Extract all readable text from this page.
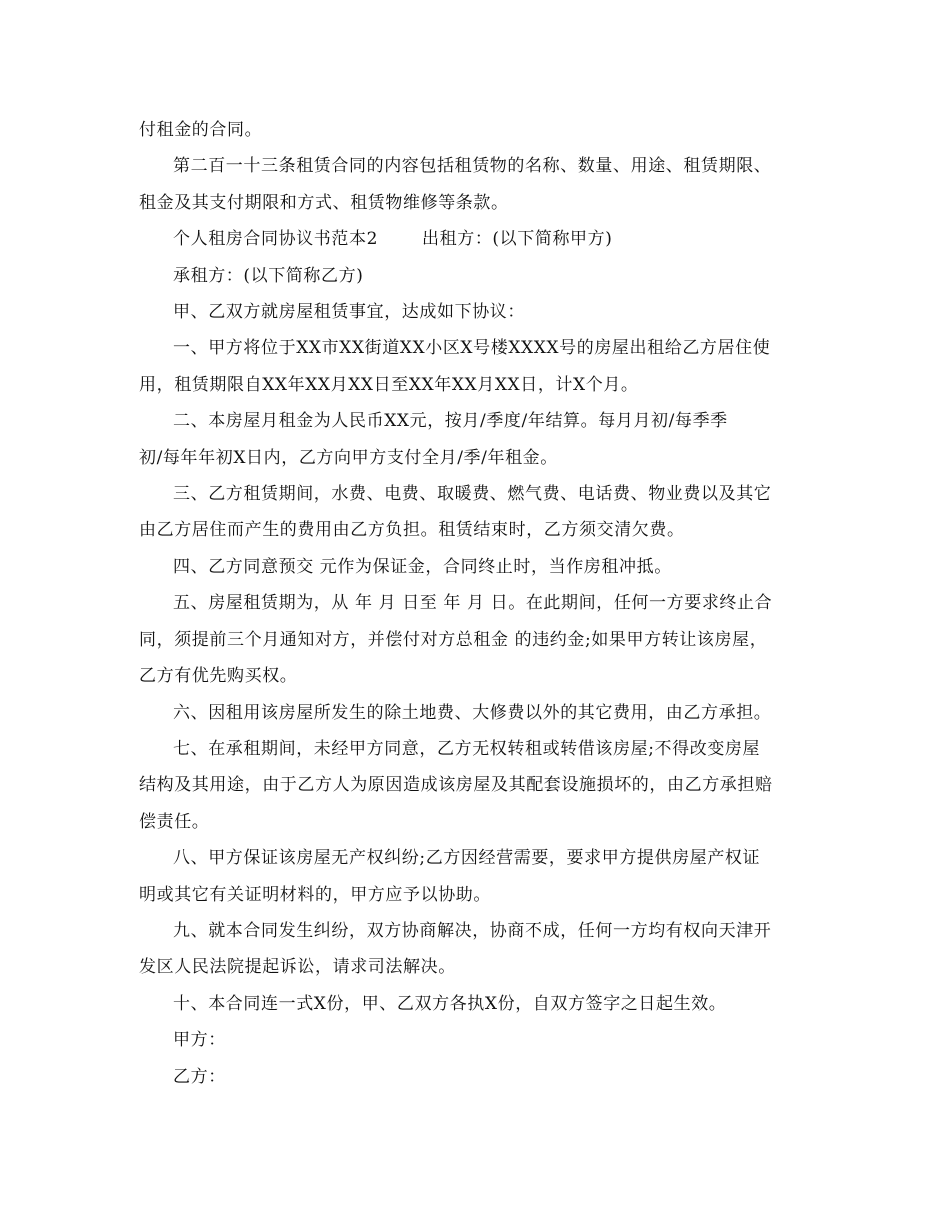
付租金的合同。

第二百一十三条租赁合同的内容包括租赁物的名称、数量、用途、租赁期限、
租金及其支付期限和方式、租赁物维修等条款。

个人租房合同协议书范本2	出租方：(以下简称甲方)

承租方：(以下简称乙方)

甲、乙双方就房屋租赁事宜，达成如下协议：

一、甲方将位于XX市XX街道XX小区X号楼XXXX号的房屋出租给乙方居住使
用，租赁期限自XX年XX月XX日至XX年XX月XX日，计X个月。

二、本房屋月租金为人民币XX元，按月/季度/年结算。每月月初/每季季
初/每年年初X日内，乙方向甲方支付全月/季/年租金。

三、乙方租赁期间，水费、电费、取暖费、燃气费、电话费、物业费以及其它
由乙方居住而产生的费用由乙方负担。租赁结束时，乙方须交清欠费。

四、乙方同意预交 元作为保证金，合同终止时，当作房租冲抵。

五、房屋租赁期为，从 年 月 日至 年 月 日。在此期间，任何一方要求终止合
同，须提前三个月通知对方，并偿付对方总租金 的违约金;如果甲方转让该房屋，
乙方有优先购买权。

六、因租用该房屋所发生的除土地费、大修费以外的其它费用，由乙方承担。

七、在承租期间，未经甲方同意，乙方无权转租或转借该房屋;不得改变房屋
结构及其用途，由于乙方人为原因造成该房屋及其配套设施损坏的，由乙方承担赔
偿责任。

八、甲方保证该房屋无产权纠纷;乙方因经营需要，要求甲方提供房屋产权证
明或其它有关证明材料的，甲方应予以协助。

九、就本合同发生纠纷，双方协商解决，协商不成，任何一方均有权向天津开
发区人民法院提起诉讼，请求司法解决。

十、本合同连一式X份，甲、乙双方各执X份，自双方签字之日起生效。

甲方：

乙方：
